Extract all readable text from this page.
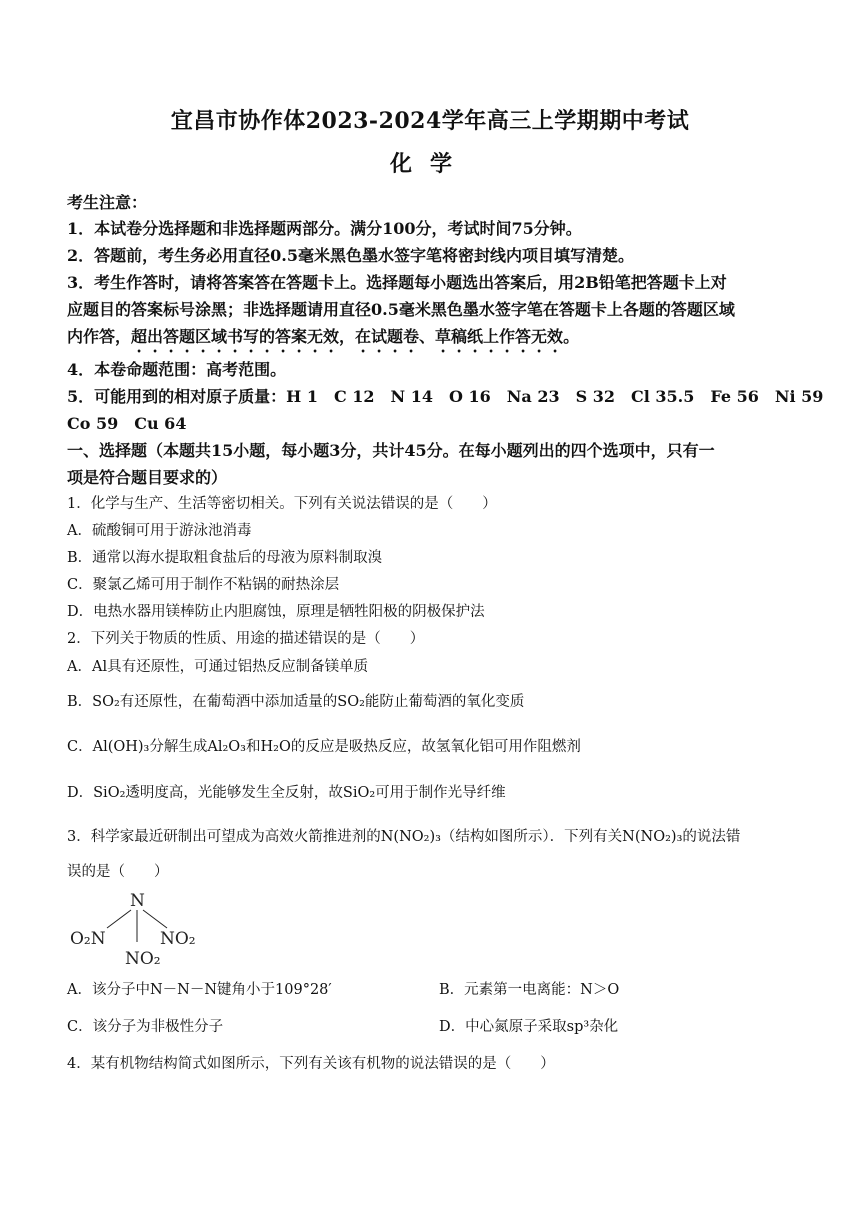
宜昌市协作体2023-2024学年高三上学期期中考试
化学
考生注意：
1．本试卷分选择题和非选择题两部分。满分100分，考试时间75分钟。
2．答题前，考生务必用直径0.5毫米黑色墨水签字笔将密封线内项目填写清楚。
3．考生作答时，请将答案答在答题卡上。选择题每小题选出答案后，用2B铅笔把答题卡上对
应题目的答案标号涂黑；非选择题请用直径0.5毫米黑色墨水签字笔在答题卡上各题的答题区域
内作答，超出答题区域书写的答案无效，在试题卷、草稿纸上作答无效。
4．本卷命题范围：高考范围。
5．可能用到的相对原子质量：H 1　C 12　N 14　O 16　Na 23　S 32　Cl 35.5　Fe 56　Ni 59
Co 59　Cu 64
一、选择题（本题共15小题，每小题3分，共计45分。在每小题列出的四个选项中，只有一
项是符合题目要求的）
1．化学与生产、生活等密切相关。下列有关说法错误的是（　　）
A．硫酸铜可用于游泳池消毒
B．通常以海水提取粗食盐后的母液为原料制取溴
C．聚氯乙烯可用于制作不粘锅的耐热涂层
D．电热水器用镁棒防止内胆腐蚀，原理是牺牲阳极的阴极保护法
2．下列关于物质的性质、用途的描述错误的是（　　）
A．Al具有还原性，可通过铝热反应制备镁单质
B．SO₂有还原性，在葡萄酒中添加适量的SO₂能防止葡萄酒的氧化变质
C．Al(OH)₃分解生成Al₂O₃和H₂O的反应是吸热反应，故氢氧化铝可用作阻燃剂
D．SiO₂透明度高，光能够发生全反射，故SiO₂可用于制作光导纤维
3．科学家最近研制出可望成为高效火箭推进剂的N(NO₂)₃（结构如图所示）．下列有关N(NO₂)₃的说法错
误的是（　　）
N
O₂N	NO₂
NO₂
A．该分子中N－N－N键角小于109°28′	B．元素第一电离能：N＞O
C．该分子为非极性分子	D．中心氮原子采取sp³杂化
4．某有机物结构简式如图所示，下列有关该有机物的说法错误的是（　　）
